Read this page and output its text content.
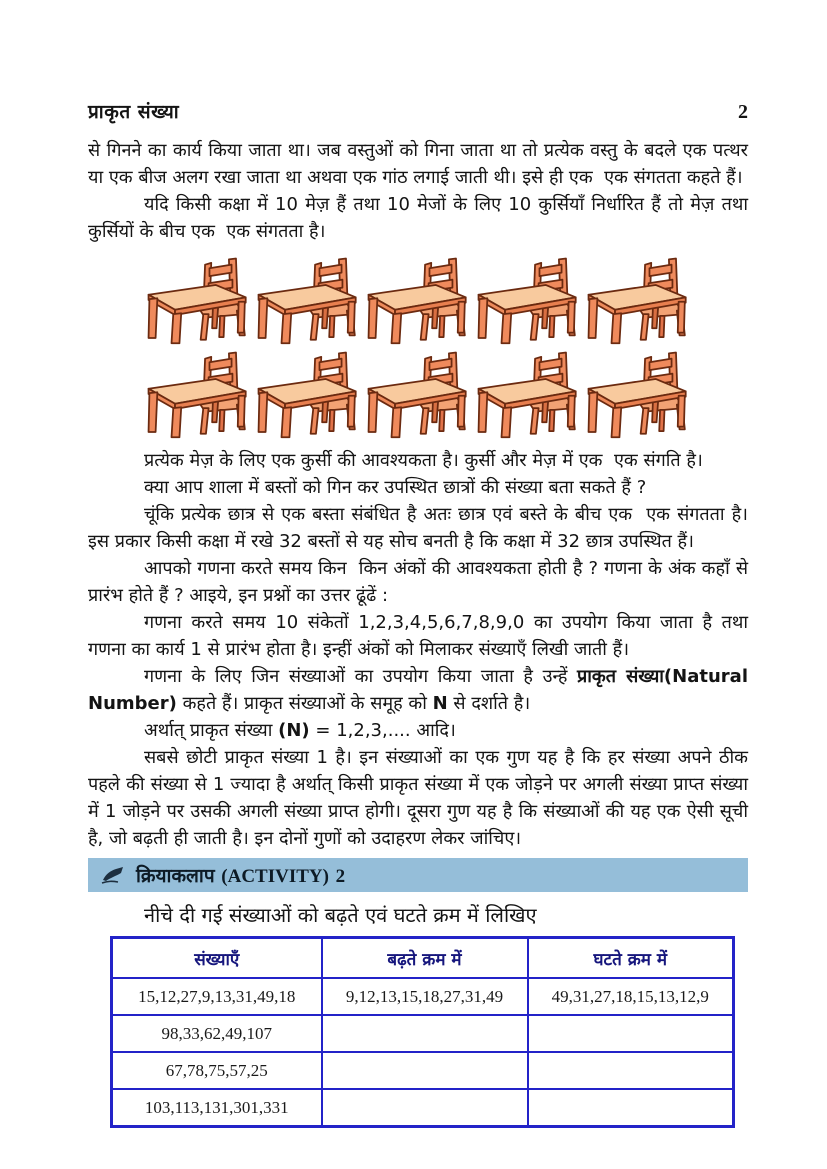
प्राकृत संख्या	2

से गिनने का कार्य किया जाता था। जब वस्तुओं को गिना जाता था तो प्रत्येक वस्तु के बदले एक पत्थर या एक बीज अलग रखा जाता था अथवा एक गांठ लगाई जाती थी। इसे ही एक  एक संगतता कहते हैं।

यदि किसी कक्षा में 10 मेज़ हैं तथा 10 मेजों के लिए 10 कुर्सियाँ निर्धारित हैं तो मेज़ तथा कुर्सियों के बीच एक  एक संगतता है।

प्रत्येक मेज़ के लिए एक कुर्सी की आवश्यकता है। कुर्सी और मेज़ में एक  एक संगति है।

क्या आप शाला में बस्तों को गिन कर उपस्थित छात्रों की संख्या बता सकते हैं ?

चूंकि प्रत्येक छात्र से एक बस्ता संबंधित है अतः छात्र एवं बस्ते के बीच एक  एक संगतता है। इस प्रकार किसी कक्षा में रखे 32 बस्तों से यह सोच बनती है कि कक्षा में 32 छात्र उपस्थित हैं।

आपको गणना करते समय किन  किन अंकों की आवश्यकता होती है ? गणना के अंक कहाँ से प्रारंभ होते हैं ? आइये, इन प्रश्नों का उत्तर ढूंढें :

गणना करते समय 10 संकेतों 1,2,3,4,5,6,7,8,9,0 का उपयोग किया जाता है तथा गणना का कार्य 1 से प्रारंभ होता है। इन्हीं अंकों को मिलाकर संख्याएँ लिखी जाती हैं।

गणना के लिए जिन संख्याओं का उपयोग किया जाता है उन्हें प्राकृत संख्या(Natural Number) कहते हैं। प्राकृत संख्याओं के समूह को N से दर्शाते है।

अर्थात् प्राकृत संख्या (N) = 1,2,3,.... आदि।

सबसे छोटी प्राकृत संख्या 1 है। इन संख्याओं का एक गुण यह है कि हर संख्या अपने ठीक पहले की संख्या से 1 ज्यादा है अर्थात् किसी प्राकृत संख्या में एक जोड़ने पर अगली संख्या प्राप्त संख्या में 1 जोड़ने पर उसकी अगली संख्या प्राप्त होगी। दूसरा गुण यह है कि संख्याओं की यह एक ऐसी सूची है, जो बढ़ती ही जाती है। इन दोनों गुणों को उदाहरण लेकर जांचिए।

क्रियाकलाप (ACTIVITY) 2

नीचे दी गई संख्याओं को बढ़ते एवं घटते क्रम में लिखिए

संख्याएँ	बढ़ते क्रम में	घटते क्रम में
15,12,27,9,13,31,49,18	9,12,13,15,18,27,31,49	49,31,27,18,15,13,12,9
98,33,62,49,107		
67,78,75,57,25		
103,113,131,301,331		
